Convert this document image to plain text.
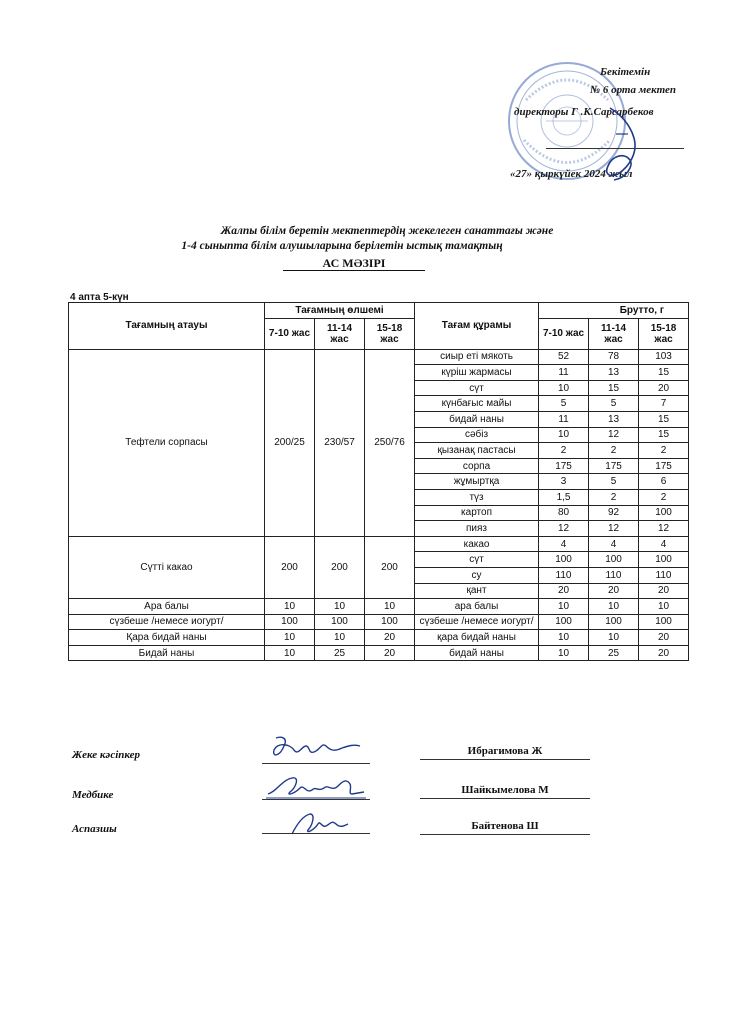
Бекітемін
№ 6 орта мектеп
директоры Г .К.Сарсарбеков
«27» қыркүйек 2024 жыл
Жалпы білім беретін мектептердің жекелеген санаттағы және
1-4 сыныпта білім алушыларына берілетін ыстық тамақтың
АС МӘЗІРІ
4 апта 5-күн
Тағамның атауы	Тағамның өлшемі			Тағам құрамы	Брутто, г		
	7-10 жас	11-14 жас	15-18 жас		7-10 жас	11-14 жас	15-18 жас
Тефтели сорпасы	200/25	230/57	250/76	сиыр еті мякоть	52	78	103
				күріш жармасы	11	13	15
				сүт	10	15	20
				күнбағыс майы	5	5	7
				бидай наны	11	13	15
				сәбіз	10	12	15
				қызанақ пастасы	2	2	2
				сорпа	175	175	175
				жұмыртқа	3	5	6
				түз	1,5	2	2
				картоп	80	92	100
				пияз	12	12	12
Сүтті какао	200	200	200	какао	4	4	4
				сүт	100	100	100
				су	110	110	110
				қант	20	20	20
Ара балы	10	10	10	ара балы	10	10	10
сүзбеше /немесе иогурт/	100	100	100	сүзбеше /немесе иогурт/	100	100	100
Қара бидай наны	10	10	20	қара бидай наны	10	10	20
Бидай наны	10	25	20	бидай наны	10	25	20
Жеке кәсіпкер	Ибрагимова Ж
Медбике	Шайкымелова М
Аспазшы	Байтенова Ш
